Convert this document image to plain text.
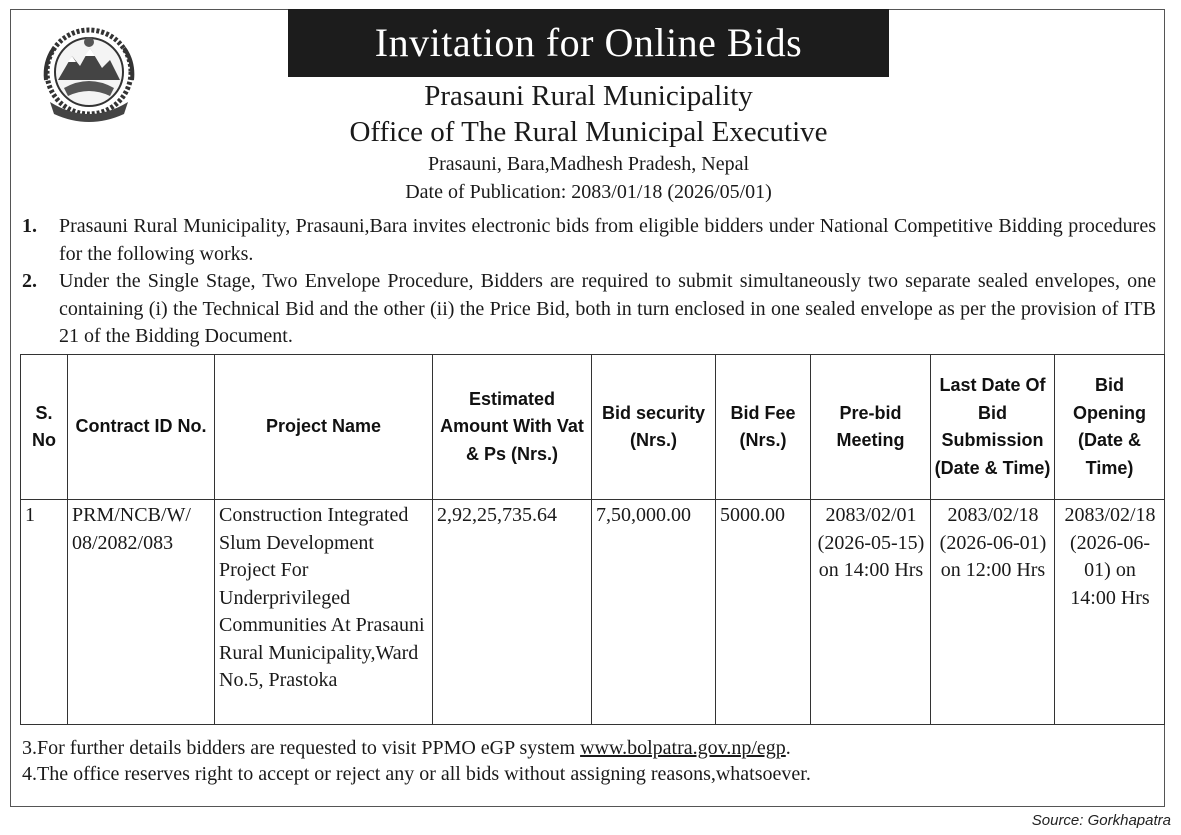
Invitation for Online Bids
Prasauni Rural Municipality
Office of The Rural Municipal Executive
Prasauni, Bara,Madhesh Pradesh, Nepal
Date of Publication: 2083/01/18 (2026/05/01)
1. Prasauni Rural Municipality, Prasauni,Bara invites electronic bids from eligible bidders under National Competitive Bidding procedures for the following works.
2. Under the Single Stage, Two Envelope Procedure, Bidders are required to submit simultaneously two separate sealed envelopes, one containing (i) the Technical Bid and the other (ii) the Price Bid, both in turn enclosed in one sealed envelope as per the provision of ITB 21 of the Bidding Document.
S. No	Contract ID No.	Project Name	Estimated Amount With Vat & Ps (Nrs.)	Bid security (Nrs.)	Bid Fee (Nrs.)	Pre-bid Meeting	Last Date Of Bid Submission (Date & Time)	Bid Opening (Date & Time)
1	PRM/NCB/W/ 08/2082/083	Construction Integrated Slum Development Project For Underprivileged Communities At Prasauni Rural Municipality,Ward No.5, Prastoka	2,92,25,735.64	7,50,000.00	5000.00	2083/02/01 (2026-05-15) on 14:00 Hrs	2083/02/18 (2026-06-01) on 12:00 Hrs	2083/02/18 (2026-06-01) on 14:00 Hrs
3.For further details bidders are requested to visit PPMO eGP system www.bolpatra.gov.np/egp.
4.The office reserves right to accept or reject any or all bids without assigning reasons,whatsoever.
Source: Gorkhapatra
